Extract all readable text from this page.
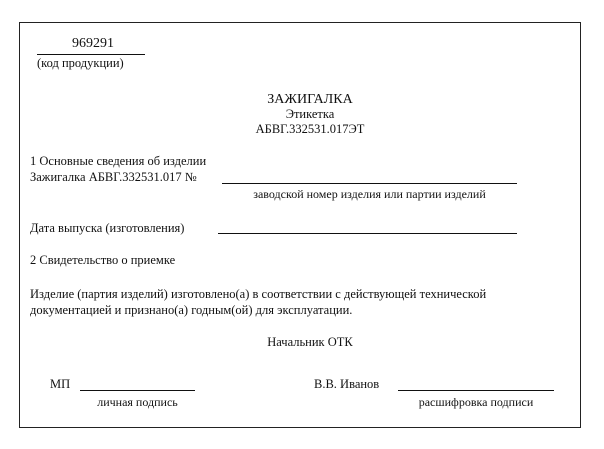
969291
(код продукции)
ЗАЖИГАЛКА
Этикетка
АБВГ.332531.017ЭТ
1 Основные сведения об изделии
Зажигалка АБВГ.332531.017 №
заводской номер изделия или партии изделий
Дата выпуска (изготовления)
2 Свидетельство о приемке
Изделие (партия изделий) изготовлено(а) в соответствии с действующей технической
документацией и признано(а) годным(ой) для эксплуатации.
Начальник ОТК
МП
личная подпись
В.В. Иванов
расшифровка подписи
